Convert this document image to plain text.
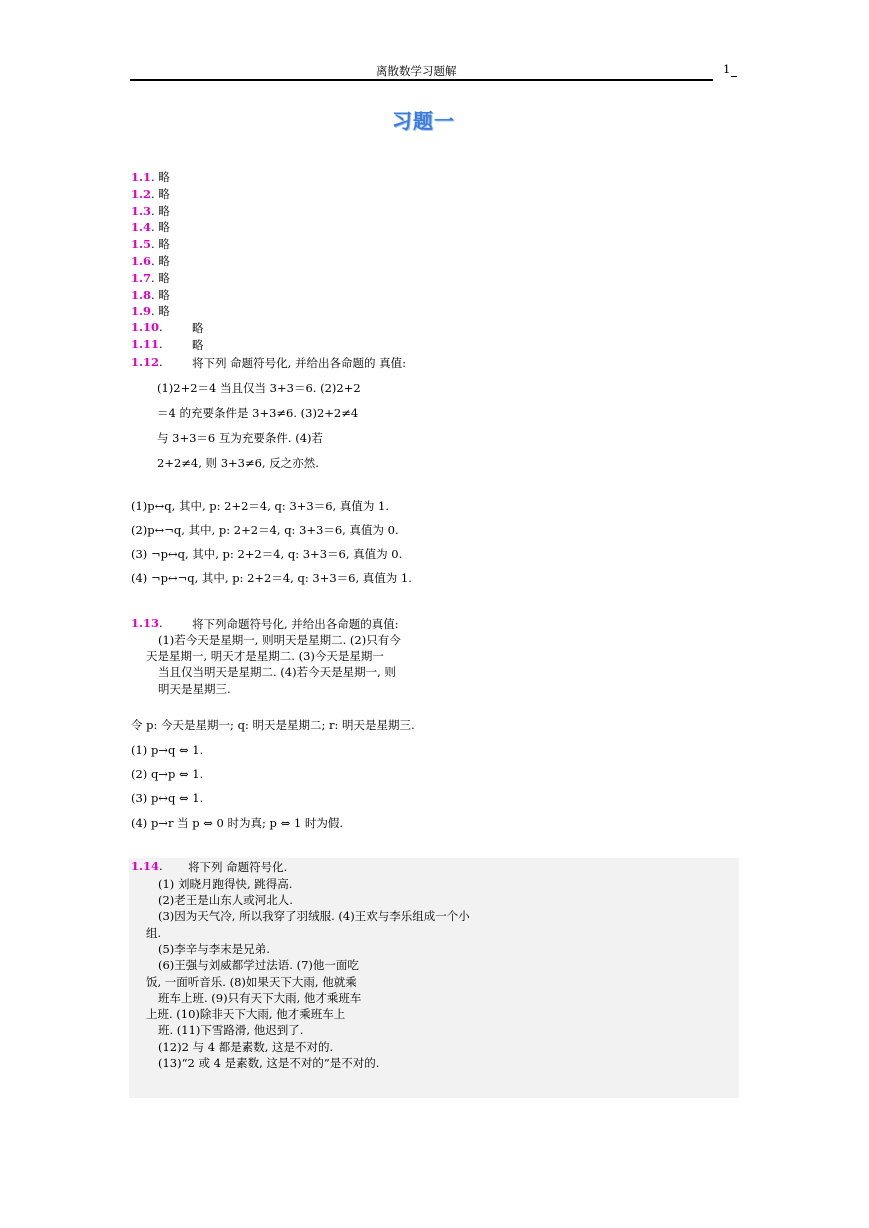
离散数学习题解	1
习题一
1.1. 略
1.2. 略
1.3. 略
1.4. 略
1.5. 略
1.6. 略
1.7. 略
1.8. 略
1.9. 略
1.10.	略
1.11.	略
1.12.	将下列 命题符号化, 并给出各命题的 真值:
(1)2+2＝4 当且仅当 3+3＝6. (2)2+2
＝4 的充要条件是 3+3≠6. (3)2+2≠4
与 3+3＝6 互为充要条件. (4)若
2+2≠4, 则 3+3≠6, 反之亦然.
(1)p↔q, 其中, p: 2+2＝4, q: 3+3＝6, 真值为 1.
(2)p↔¬q, 其中, p: 2+2＝4, q: 3+3＝6, 真值为 0.
(3) ¬p↔q, 其中, p: 2+2＝4, q: 3+3＝6, 真值为 0.
(4) ¬p↔¬q, 其中, p: 2+2＝4, q: 3+3＝6, 真值为 1.
1.13.	将下列命题符号化, 并给出各命题的真值:
(1)若今天是星期一, 则明天是星期二. (2)只有今
天是星期一, 明天才是星期二. (3)今天是星期一
当且仅当明天是星期二. (4)若今天是星期一, 则
明天是星期三.
令 p: 今天是星期一; q: 明天是星期二; r: 明天是星期三.
(1) p→q ⇔ 1.
(2) q→p ⇔ 1.
(3) p↔q ⇔ 1.
(4) p→r 当 p ⇔ 0 时为真; p ⇔ 1 时为假.
1.14. 将下列 命题符号化.
(1) 刘晓月跑得快, 跳得高.
(2)老王是山东人或河北人.
(3)因为天气冷, 所以我穿了羽绒服. (4)王欢与李乐组成一个小
组.
(5)李辛与李末是兄弟.
(6)王强与刘威都学过法语. (7)他一面吃
饭, 一面听音乐. (8)如果天下大雨, 他就乘
班车上班. (9)只有天下大雨, 他才乘班车
上班. (10)除非天下大雨, 他才乘班车上
班. (11)下雪路滑, 他迟到了.
(12)2 与 4 都是素数, 这是不对的.
(13)“2 或 4 是素数, 这是不对的”是不对的.
